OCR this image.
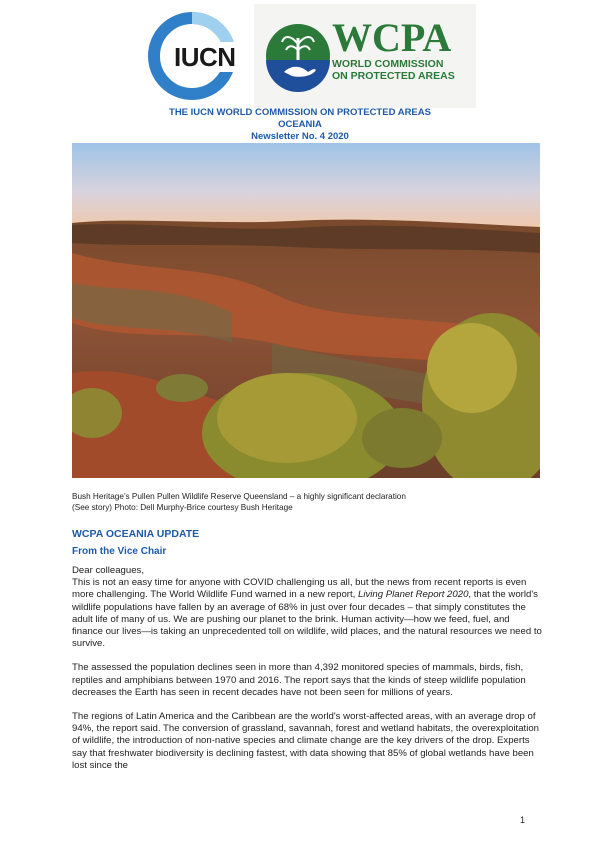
IUCN WCPA
WORLD COMMISSION
ON PROTECTED AREAS
THE IUCN WORLD COMMISSION ON PROTECTED AREAS
OCEANIA
Newsletter No. 4 2020
Bush Heritage’s Pullen Pullen Wildlife Reserve Queensland – a highly significant declaration
(See story) Photo: Dell Murphy-Brice courtesy Bush Heritage
WCPA OCEANIA UPDATE
From the Vice Chair

Dear colleagues,

This is not an easy time for anyone with COVID challenging us all, but the news from recent reports is even more challenging. The World Wildlife Fund warned in a new report, Living Planet Report 2020, that the world's wildlife populations have fallen by an average of 68% in just over four decades – that simply constitutes the adult life of many of us. We are pushing our planet to the brink. Human activity—how we feed, fuel, and finance our lives—is taking an unprecedented toll on wildlife, wild places, and the natural resources we need to survive.

The assessed the population declines seen in more than 4,392 monitored species of mammals, birds, fish, reptiles and amphibians between 1970 and 2016. The report says that the kinds of steep wildlife population decreases the Earth has seen in recent decades have not been seen for millions of years.

The regions of Latin America and the Caribbean are the world's worst-affected areas, with an average drop of 94%, the report said. The conversion of grassland, savannah, forest and wetland habitats, the overexploitation of wildlife, the introduction of non-native species and climate change are the key drivers of the drop. Experts say that freshwater biodiversity is declining fastest, with data showing that 85% of global wetlands have been lost since the

1
